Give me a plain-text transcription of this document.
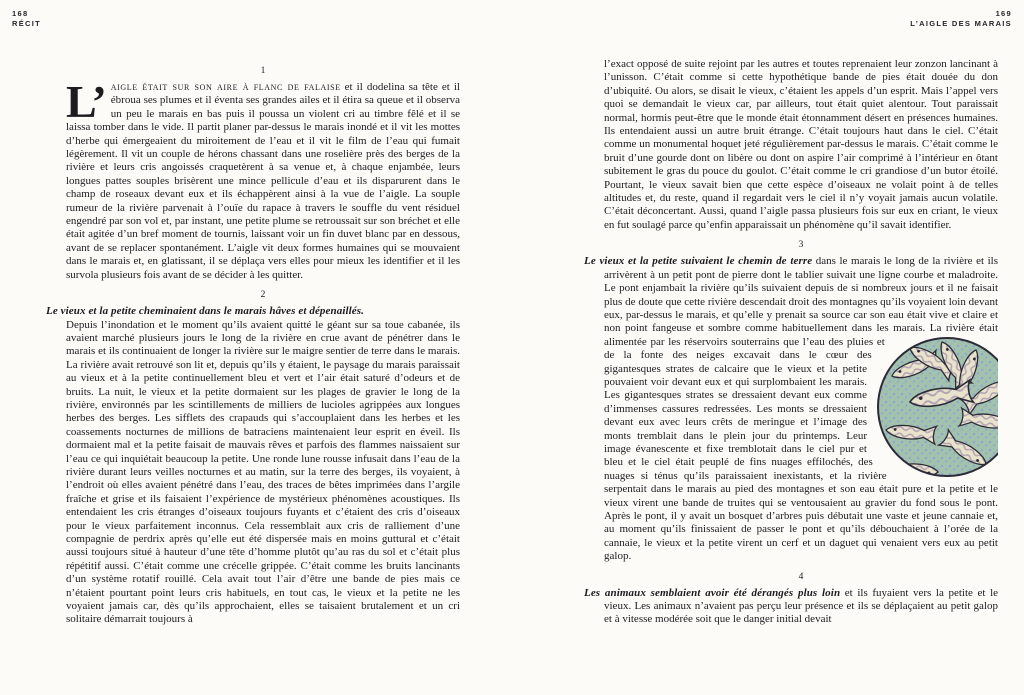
168
RÉCIT
169
L’AIGLE DES MARAIS
1

L’ aigle était sur son aire à flanc de falaise et il dodelina sa tête et il ébroua ses plumes et il éventa ses grandes ailes et il étira sa queue et il observa un peu le marais en bas puis il poussa un violent cri au timbre fêlé et il se laissa tomber dans le vide. Il partit planer par-dessus le marais inondé et il vit les mottes d’herbe qui émergeaient du miroitement de l’eau et il vit le film de l’eau qui fumait légèrement. Il vit un couple de hérons chassant dans une roselière près des berges de la rivière et leurs cris angoissés craquetèrent à sa venue et, à chaque enjambée, leurs longues pattes souples brisèrent une mince pellicule d’eau et ils disparurent dans le champ de roseaux devant eux et ils échappèrent ainsi à la vue de l’aigle. La souple rumeur de la rivière parvenait à l’ouïe du rapace à travers le souffle du vent résiduel engendré par son vol et, par instant, une petite plume se retroussait sur son bréchet et elle était agitée d’un bref moment de tournis, laissant voir un fin duvet blanc par en dessous, avant de se replacer spontanément. L’aigle vit deux formes humaines qui se mouvaient dans le marais et, en glatissant, il se déplaça vers elles pour mieux les identifier et il les survola plusieurs fois avant de se décider à les quitter.

2

Le vieux et la petite cheminaient dans le marais hâves et dépenaillés.
Depuis l’inondation et le moment qu’ils avaient quitté le géant sur sa toue cabanée, ils avaient marché plusieurs jours le long de la rivière en crue avant de pénétrer dans le marais et ils continuaient de longer la rivière sur le maigre sentier de terre dans le marais. La rivière avait retrouvé son lit et, depuis qu’ils y étaient, le paysage du marais paraissait au vieux et à la petite continuellement bleu et vert et l’air était saturé d’odeurs et de bruits. La nuit, le vieux et la petite dormaient sur les plages de gravier le long de la rivière, environnés par les scintillements de milliers de lucioles agrippées aux longues herbes des berges. Les sifflets des crapauds qui s’accouplaient dans les herbes et les coassements nocturnes de millions de batraciens maintenaient leur esprit en éveil. Ils dormaient mal et la petite faisait de mauvais rêves et parfois des flammes naissaient sur l’eau ce qui inquiétait beaucoup la petite. Une ronde lune rousse infusait dans l’eau de la rivière durant leurs veilles nocturnes et au matin, sur la terre des berges, ils voyaient, à l’endroit où elles avaient pénétré dans l’eau, des traces de bêtes imprimées dans l’argile fraîche et grise et ils faisaient l’expérience de mystérieux phénomènes acoustiques. Ils entendaient les cris étranges d’oiseaux toujours fuyants et c’étaient des cris d’oiseaux pour le vieux parfaitement inconnus. Cela ressemblait aux cris de ralliement d’une compagnie de perdrix après qu’elle eut été dispersée mais en moins guttural et c’était aussi toujours situé à hauteur d’une tête d’homme plutôt qu’au ras du sol et c’était plus répétitif aussi. C’était comme une crécelle grippée. C’était comme les bruits lancinants d’un système rotatif rouillé. Cela avait tout l’air d’être une bande de pies mais ce n’étaient pourtant point leurs cris habituels, en tout cas, le vieux et la petite ne les voyaient jamais car, dès qu’ils approchaient, elles se taisaient brutalement et un cri solitaire démarrait toujours à

l’exact opposé de suite rejoint par les autres et toutes reprenaient leur zonzon lancinant à l’unisson. C’était comme si cette hypothétique bande de pies était douée du don d’ubiquité. Ou alors, se disait le vieux, c’étaient les appels d’un esprit. Mais l’appel vers quoi se demandait le vieux car, par ailleurs, tout était quiet alentour. Tout paraissait normal, hormis peut-être que le monde était étonnamment désert en présences humaines. Ils entendaient aussi un autre bruit étrange. C’était toujours haut dans le ciel. C’était comme un monumental hoquet jeté régulièrement par-dessus le marais. C’était comme le bruit d’une gourde dont on libère ou dont on aspire l’air comprimé à l’intérieur en ôtant subitement le gras du pouce du goulot. C’était comme le cri grandiose d’un butor étoilé. Pourtant, le vieux savait bien que cette espèce d’oiseaux ne volait point à de telles altitudes et, du reste, quand il regardait vers le ciel il n’y voyait jamais aucun volatile. C’était déconcertant. Aussi, quand l’aigle passa plusieurs fois sur eux en criant, le vieux en fut soulagé parce qu’enfin apparaissait un phénomène qu’il savait identifier.

3

Le vieux et la petite suivaient le chemin de terre dans le marais le long de la rivière et ils arrivèrent à un petit pont de pierre dont le tablier suivait une ligne courbe et maladroite. Le pont enjambait la rivière qu’ils suivaient depuis de si nombreux jours et il ne faisait plus de doute que cette rivière descendait droit des montagnes qu’ils voyaient loin devant eux, par-dessus le marais, et qu’elle y prenait sa source car son eau était vive et claire et non point fangeuse et sombre comme habituellement dans les marais. La rivière
était alimentée par les réservoirs souterrains que l’eau des pluies et de la fonte des neiges excavait dans le cœur des gigantesques strates de calcaire que le vieux et la petite pouvaient voir devant eux et qui surplombaient les marais. Les gigantesques strates se dressaient devant eux comme d’immenses cassures redressées. Les monts se dressaient devant eux avec leurs crêts de meringue et l’image des monts tremblait dans le plein jour du printemps. Leur image évanescente et fixe tremblotait dans le ciel pur et bleu et le ciel était peuplé de fins nuages effilochés, des nuages si ténus qu’ils paraissaient inexistants, et la rivière serpentait dans le marais au pied des montagnes et son eau était pure et la petite et le vieux virent une bande de truites qui se ventousaient au gravier du fond sous le pont. Après le pont, il y avait un bosquet d’arbres puis débutait une vaste et jeune cannaie et, au moment qu’ils finissaient de passer le pont et qu’ils débouchaient à l’orée de la cannaie, le vieux et la petite virent un cerf et un daguet qui venaient vers eux au petit galop.

4

Les animaux semblaient avoir été dérangés plus loin et ils fuyaient vers la petite et le vieux. Les animaux n’avaient pas perçu leur présence et ils se déplaçaient au petit galop et à vitesse modérée soit que le danger initial devait
